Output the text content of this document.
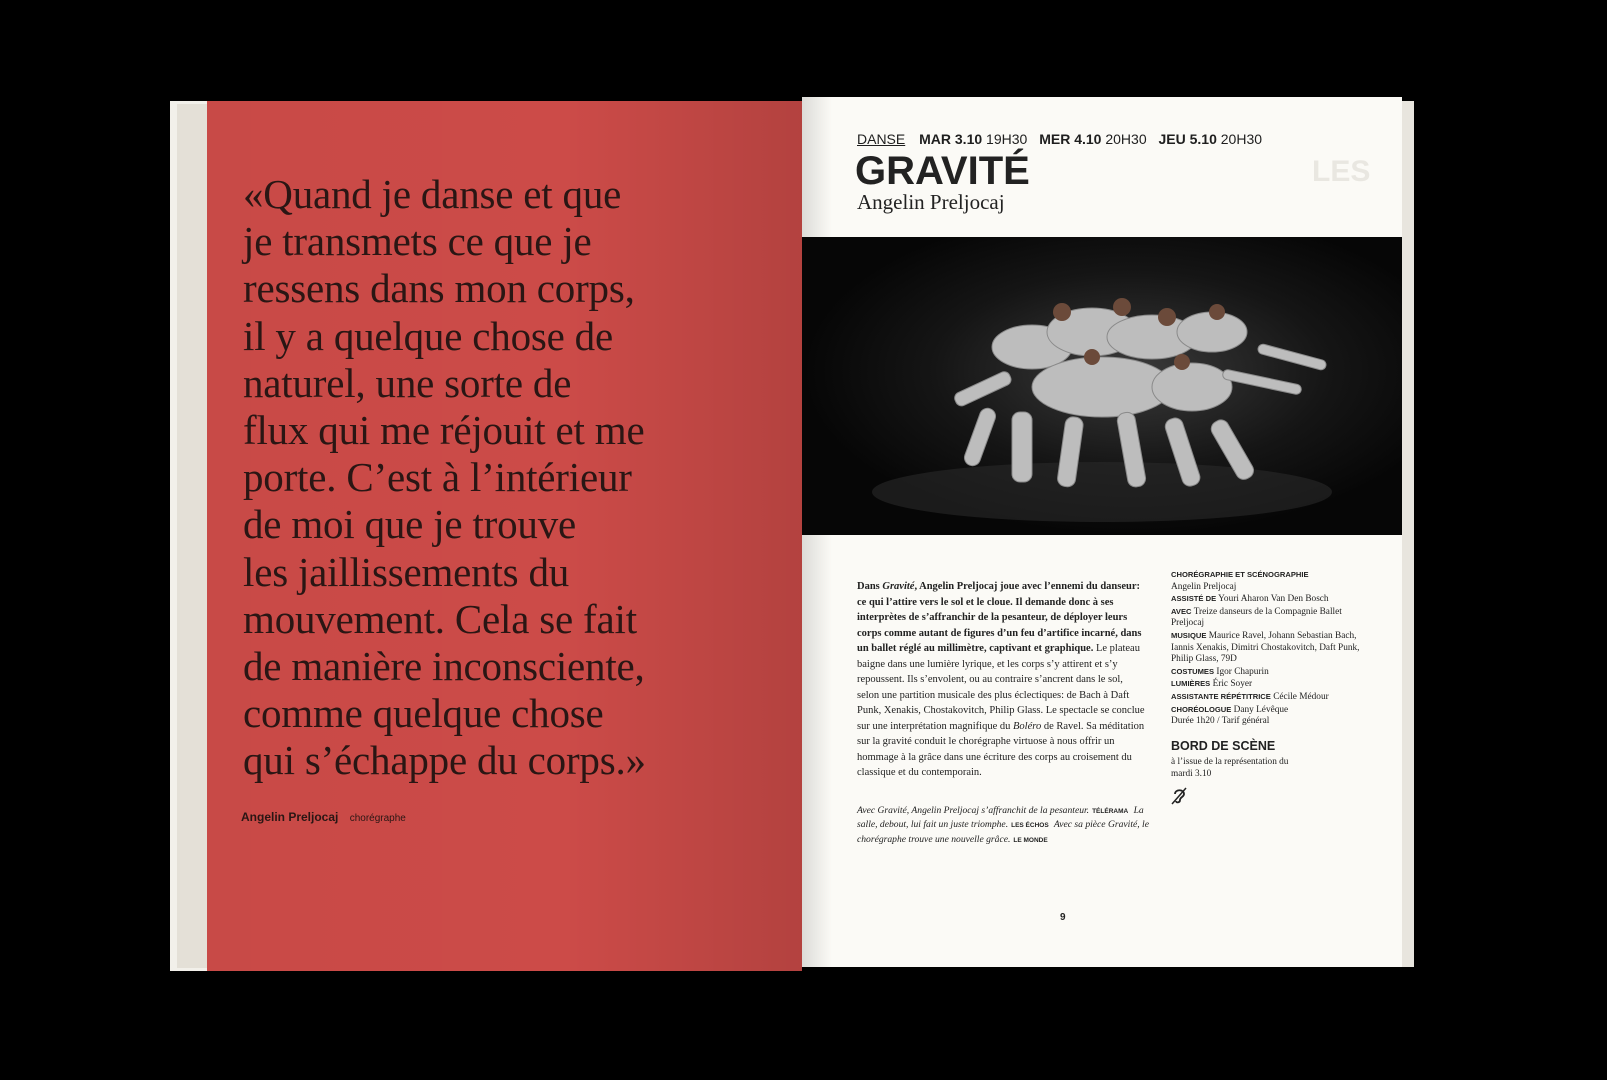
«Quand je danse et que
je transmets ce que je
ressens dans mon corps,
il y a quelque chose de
naturel, une sorte de
flux qui me réjouit et me
porte. C’est à l’intérieur
de moi que je trouve
les jaillissements du
mouvement. Cela se fait
de manière inconsciente,
comme quelque chose
qui s’échappe du corps.»

Angelin Preljocaj chorégraphe
LES
DANSE MAR 3.10 19H30 MER 4.10 20H30 JEU 5.10 20H30
GRAVITÉ
Angelin Preljocaj

Dans Gravité, Angelin Preljocaj joue avec l’ennemi du danseur: ce qui l’attire vers le sol et le cloue. Il demande donc à ses interprètes de s’affranchir de la pesanteur, de déployer leurs corps comme autant de figures d’un feu d’artifice incarné, dans un ballet réglé au millimètre, captivant et graphique. Le plateau baigne dans une lumière lyrique, et les corps s’y attirent et s’y repoussent. Ils s’envolent, ou au contraire s’ancrent dans le sol, selon une partition musicale des plus éclectiques: de Bach à Daft Punk, Xenakis, Chostakovitch, Philip Glass. Le spectacle se conclue sur une interprétation magnifique du Boléro de Ravel. Sa méditation sur la gravité conduit le chorégraphe virtuose à nous offrir un hommage à la grâce dans une écriture des corps au croisement du classique et du contemporain.

Avec Gravité, Angelin Preljocaj s’affranchit de la pesanteur. TÉLÉRAMA La salle, debout, lui fait un juste triomphe. LES ÉCHOS Avec sa pièce Gravité, le chorégraphe trouve une nouvelle grâce. LE MONDE
CHORÉGRAPHIE ET SCÉNOGRAPHIE
Angelin Preljocaj
ASSISTÉ DE Youri Aharon Van Den Bosch
AVEC Treize danseurs de la Compagnie Ballet Preljocaj
MUSIQUE Maurice Ravel, Johann Sebastian Bach, Iannis Xenakis, Dimitri Chostakovitch, Daft Punk, Philip Glass, 79D
COSTUMES Igor Chapurin
LUMIÈRES Éric Soyer
ASSISTANTE RÉPÉTITRICE Cécile Médour
CHORÉOLOGUE Dany Lévêque
Durée 1h20 / Tarif général
BORD DE SCÈNE
à l’issue de la représentation du mardi 3.10
9
